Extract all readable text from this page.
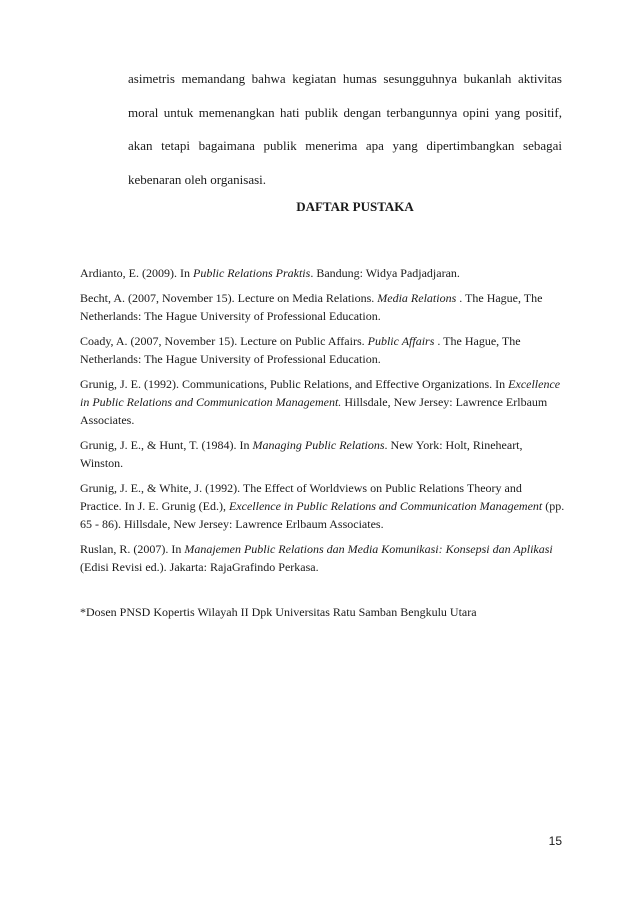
asimetris memandang bahwa kegiatan humas sesungguhnya bukanlah aktivitas
moral untuk memenangkan hati publik dengan terbangunnya opini yang positif,
akan tetapi bagaimana publik menerima apa yang dipertimbangkan sebagai
kebenaran oleh organisasi.

DAFTAR PUSTAKA
Ardianto, E. (2009). In Public Relations Praktis. Bandung: Widya Padjadjaran.
Becht, A. (2007, November 15). Lecture on Media Relations. Media Relations . The Hague, The Netherlands: The Hague University of Professional Education.
Coady, A. (2007, November 15). Lecture on Public Affairs. Public Affairs . The Hague, The Netherlands: The Hague University of Professional Education.
Grunig, J. E. (1992). Communications, Public Relations, and Effective Organizations. In Excellence in Public Relations and Communication Management. Hillsdale, New Jersey: Lawrence Erlbaum Associates.
Grunig, J. E., & Hunt, T. (1984). In Managing Public Relations. New York: Holt, Rineheart, Winston.
Grunig, J. E., & White, J. (1992). The Effect of Worldviews on Public Relations Theory and Practice. In J. E. Grunig (Ed.), Excellence in Public Relations and Communication Management (pp. 65 - 86). Hillsdale, New Jersey: Lawrence Erlbaum Associates.
Ruslan, R. (2007). In Manajemen Public Relations dan Media Komunikasi: Konsepsi dan Aplikasi (Edisi Revisi ed.). Jakarta: RajaGrafindo Perkasa.

*Dosen PNSD Kopertis Wilayah II Dpk Universitas Ratu Samban Bengkulu Utara

15
